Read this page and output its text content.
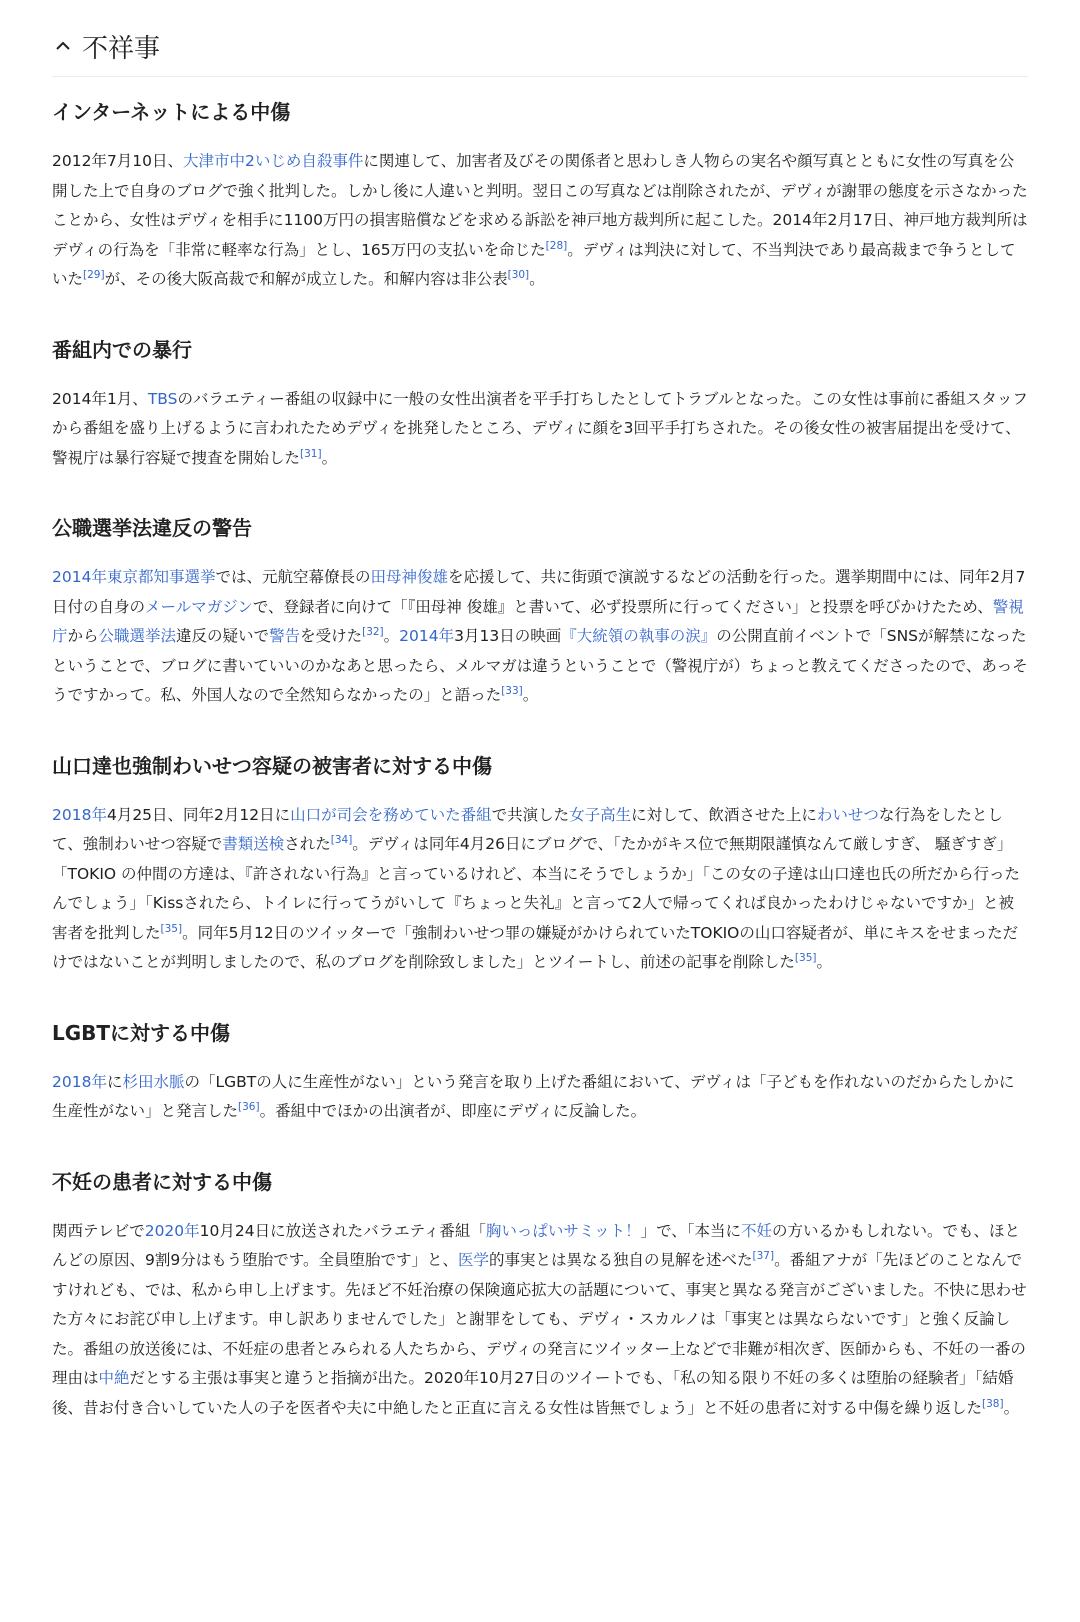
不祥事
インターネットによる中傷

2012年7月10日、大津市中2いじめ自殺事件に関連して、加害者及びその関係者と思わしき人物らの実名や顔写真とともに女性の写真を公開した上で自身のブログで強く批判した。しかし後に人違いと判明。翌日この写真などは削除されたが、デヴィが謝罪の態度を示さなかったことから、女性はデヴィを相手に1100万円の損害賠償などを求める訴訟を神戸地方裁判所に起こした。2014年2月17日、神戸地方裁判所はデヴィの行為を「非常に軽率な行為」とし、165万円の支払いを命じた[28]。デヴィは判決に対して、不当判決であり最高裁まで争うとしていた[29]が、その後大阪高裁で和解が成立した。和解内容は非公表[30]。

番組内での暴行

2014年1月、TBSのバラエティー番組の収録中に一般の女性出演者を平手打ちしたとしてトラブルとなった。この女性は事前に番組スタッフから番組を盛り上げるように言われたためデヴィを挑発したところ、デヴィに顔を3回平手打ちされた。その後女性の被害届提出を受けて、警視庁は暴行容疑で捜査を開始した[31]。

公職選挙法違反の警告

2014年東京都知事選挙では、元航空幕僚長の田母神俊雄を応援して、共に街頭で演説するなどの活動を行った。選挙期間中には、同年2月7日付の自身のメールマガジンで、登録者に向けて「『田母神 俊雄』と書いて、必ず投票所に行ってください」と投票を呼びかけたため、警視庁から公職選挙法違反の疑いで警告を受けた[32]。2014年3月13日の映画『大統領の執事の涙』の公開直前イベントで「SNSが解禁になったということで、ブログに書いていいのかなあと思ったら、メルマガは違うということで（警視庁が）ちょっと教えてくださったので、あっそうですかって。私、外国人なので全然知らなかったの」と語った[33]。

山口達也強制わいせつ容疑の被害者に対する中傷

2018年4月25日、同年2月12日に山口が司会を務めていた番組で共演した女子高生に対して、飲酒させた上にわいせつな行為をしたとして、強制わいせつ容疑で書類送検された[34]。デヴィは同年4月26日にブログで、「たかがキス位で無期限謹慎なんて厳しすぎ、 騒ぎすぎ」「TOKIO の仲間の方達は、『許されない行為』と言っているけれど、本当にそうでしょうか」「この女の子達は山口達也氏の所だから行ったんでしょう」「Kissされたら、トイレに行ってうがいして『ちょっと失礼』と言って2人で帰ってくれば良かったわけじゃないですか」と被害者を批判した[35]。同年5月12日のツイッターで「強制わいせつ罪の嫌疑がかけられていたTOKIOの山口容疑者が、単にキスをせまっただけではないことが判明しましたので、私のブログを削除致しました」とツイートし、前述の記事を削除した[35]。

LGBTに対する中傷

2018年に杉田水脈の「LGBTの人に生産性がない」という発言を取り上げた番組において、デヴィは「子どもを作れないのだからたしかに生産性がない」と発言した[36]。番組中でほかの出演者が、即座にデヴィに反論した。

不妊の患者に対する中傷

関西テレビで2020年10月24日に放送されたバラエティ番組「胸いっぱいサミット！」で、「本当に不妊の方いるかもしれない。でも、ほとんどの原因、9割9分はもう堕胎です。全員堕胎です」と、医学的事実とは異なる独自の見解を述べた[37]。番組アナが「先ほどのことなんですけれども、では、私から申し上げます。先ほど不妊治療の保険適応拡大の話題について、事実と異なる発言がございました。不快に思わせた方々にお詫び申し上げます。申し訳ありませんでした」と謝罪をしても、デヴィ・スカルノは「事実とは異ならないです」と強く反論した。番組の放送後には、不妊症の患者とみられる人たちから、デヴィの発言にツイッター上などで非難が相次ぎ、医師からも、不妊の一番の理由は中絶だとする主張は事実と違うと指摘が出た。2020年10月27日のツイートでも、「私の知る限り不妊の多くは堕胎の経験者」「結婚後、昔お付き合いしていた人の子を医者や夫に中絶したと正直に言える女性は皆無でしょう」と不妊の患者に対する中傷を繰り返した[38]。
